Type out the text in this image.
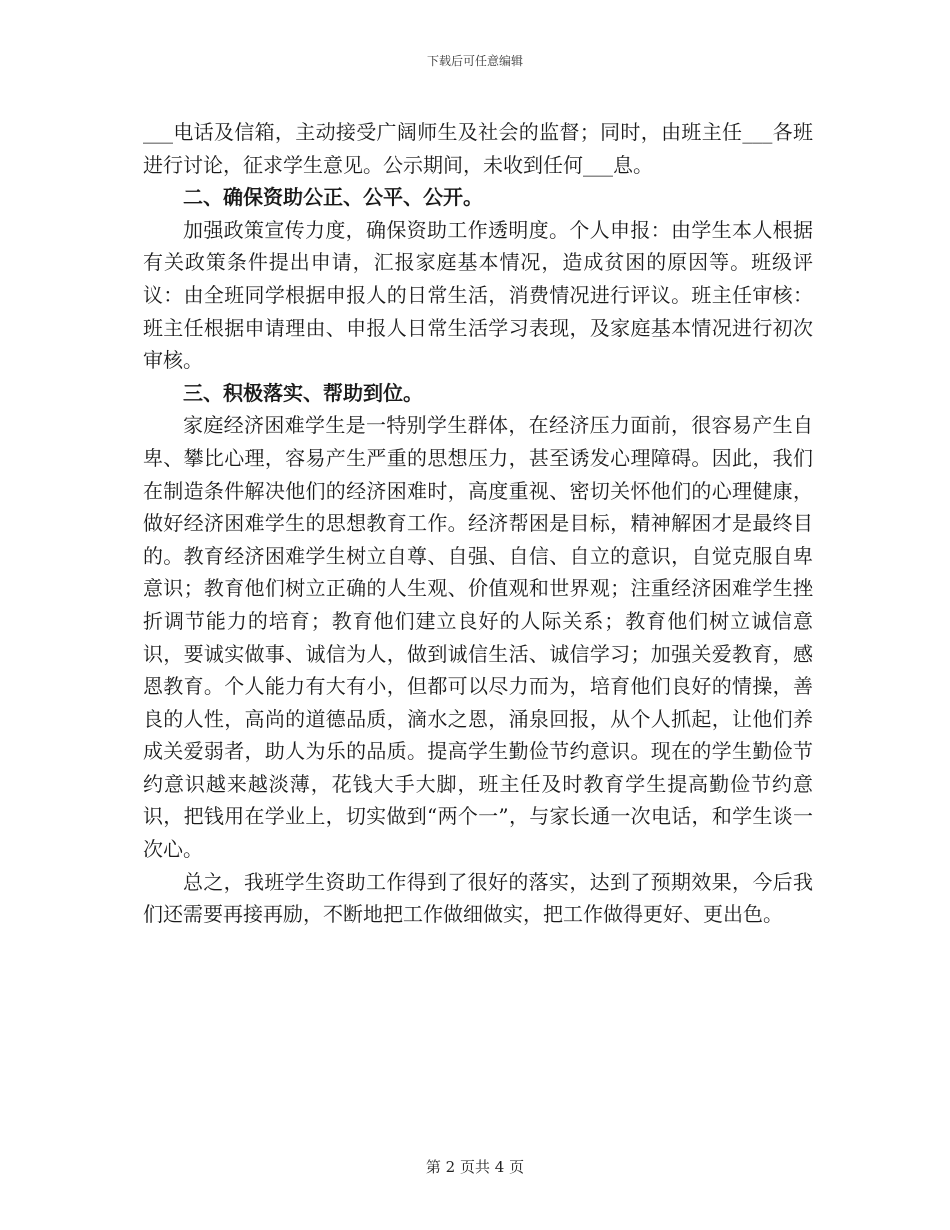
下载后可任意编辑

___电话及信箱，主动接受广阔师生及社会的监督；同时，由班主任___各班进行讨论，征求学生意见。公示期间，未收到任何___息。

二、确保资助公正、公平、公开。

加强政策宣传力度，确保资助工作透明度。个人申报：由学生本人根据有关政策条件提出申请，汇报家庭基本情况，造成贫困的原因等。班级评议：由全班同学根据申报人的日常生活，消费情况进行评议。班主任审核：班主任根据申请理由、申报人日常生活学习表现，及家庭基本情况进行初次审核。

三、积极落实、帮助到位。

家庭经济困难学生是一特别学生群体，在经济压力面前，很容易产生自卑、攀比心理，容易产生严重的思想压力，甚至诱发心理障碍。因此，我们在制造条件解决他们的经济困难时，高度重视、密切关怀他们的心理健康，做好经济困难学生的思想教育工作。经济帮困是目标，精神解困才是最终目的。教育经济困难学生树立自尊、自强、自信、自立的意识，自觉克服自卑意识；教育他们树立正确的人生观、价值观和世界观；注重经济困难学生挫折调节能力的培育；教育他们建立良好的人际关系；教育他们树立诚信意识，要诚实做事、诚信为人，做到诚信生活、诚信学习；加强关爱教育，感恩教育。个人能力有大有小，但都可以尽力而为，培育他们良好的情操，善良的人性，高尚的道德品质，滴水之恩，涌泉回报，从个人抓起，让他们养成关爱弱者，助人为乐的品质。提高学生勤俭节约意识。现在的学生勤俭节约意识越来越淡薄，花钱大手大脚，班主任及时教育学生提高勤俭节约意识，把钱用在学业上，切实做到“两个一”，与家长通一次电话，和学生谈一次心。

总之，我班学生资助工作得到了很好的落实，达到了预期效果，今后我们还需要再接再励，不断地把工作做细做实，把工作做得更好、更出色。

第 2 页共 4 页
